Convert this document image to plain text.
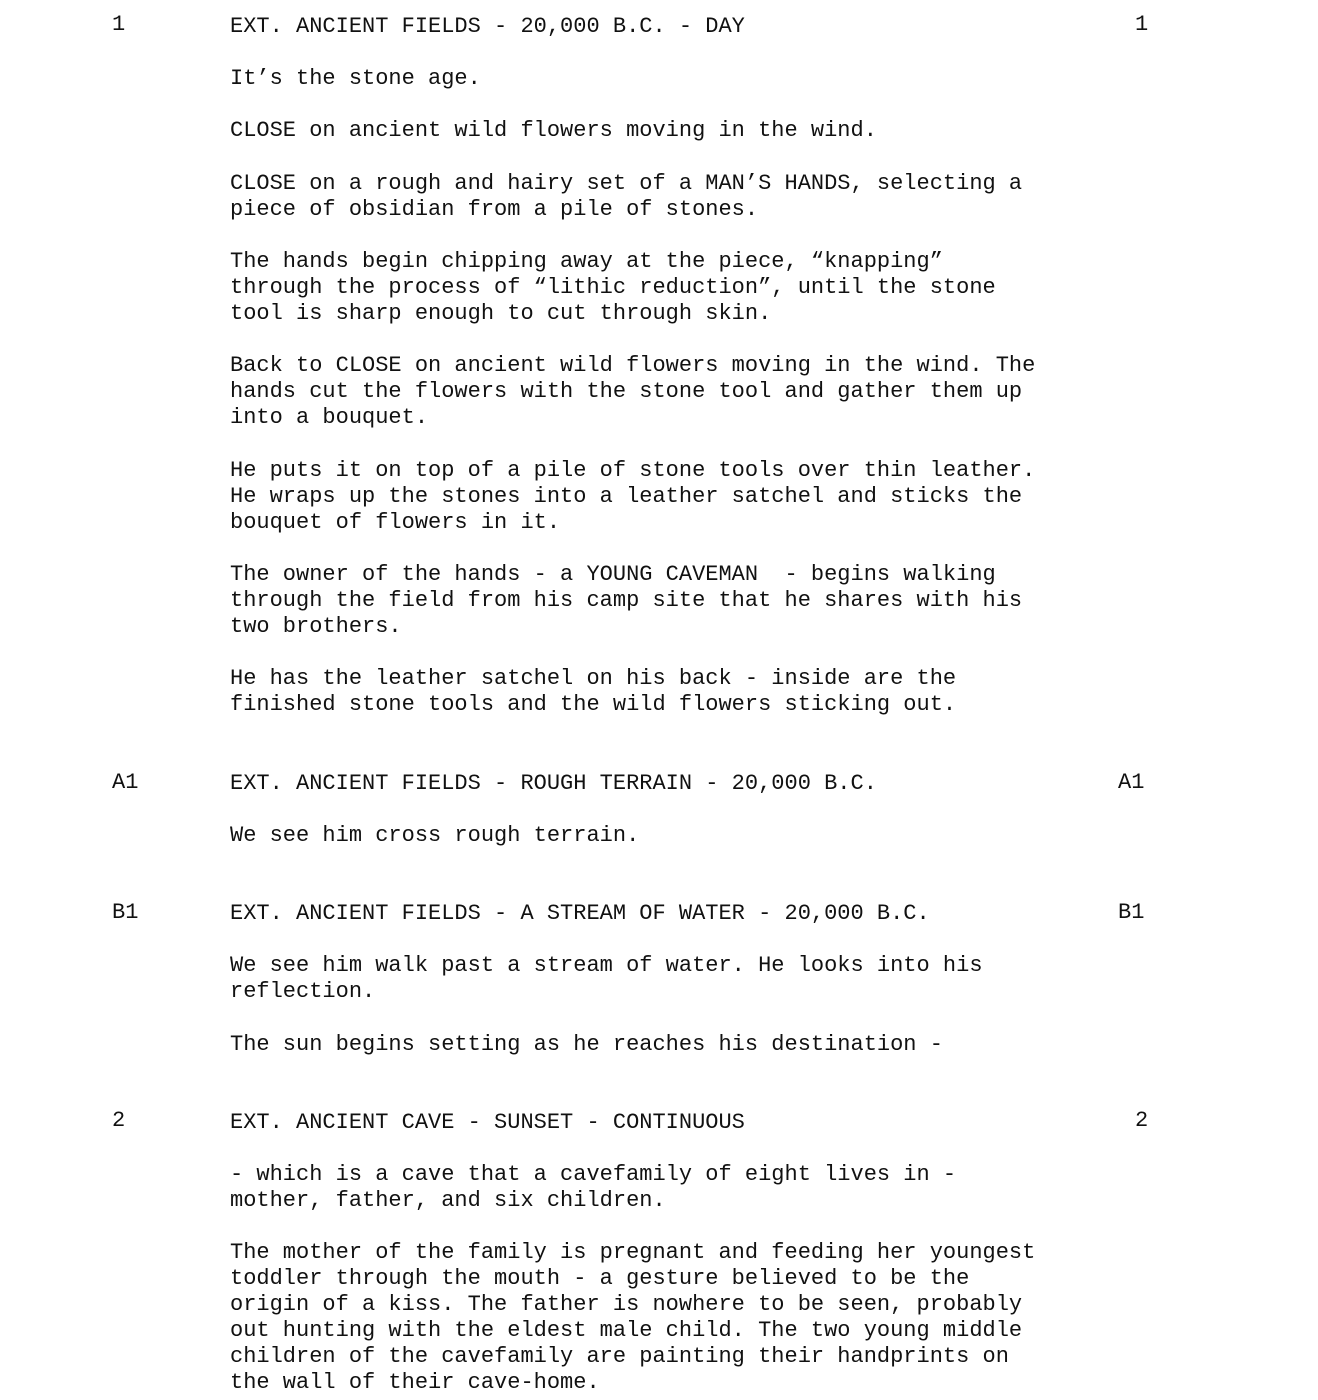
1	EXT. ANCIENT FIELDS - 20,000 B.C. - DAY	1

It’s the stone age.

CLOSE on ancient wild flowers moving in the wind.

CLOSE on a rough and hairy set of a MAN’S HANDS, selecting a
piece of obsidian from a pile of stones.

The hands begin chipping away at the piece, “knapping”
through the process of “lithic reduction”, until the stone
tool is sharp enough to cut through skin.

Back to CLOSE on ancient wild flowers moving in the wind. The
hands cut the flowers with the stone tool and gather them up
into a bouquet.

He puts it on top of a pile of stone tools over thin leather.
He wraps up the stones into a leather satchel and sticks the
bouquet of flowers in it.

The owner of the hands - a YOUNG CAVEMAN  - begins walking
through the field from his camp site that he shares with his
two brothers.

He has the leather satchel on his back - inside are the
finished stone tools and the wild flowers sticking out.

A1	EXT. ANCIENT FIELDS - ROUGH TERRAIN - 20,000 B.C.	A1

We see him cross rough terrain.

B1	EXT. ANCIENT FIELDS - A STREAM OF WATER - 20,000 B.C.	B1

We see him walk past a stream of water. He looks into his
reflection.

The sun begins setting as he reaches his destination -

2	EXT. ANCIENT CAVE - SUNSET - CONTINUOUS	2

- which is a cave that a cavefamily of eight lives in -
mother, father, and six children.

The mother of the family is pregnant and feeding her youngest
toddler through the mouth - a gesture believed to be the
origin of a kiss. The father is nowhere to be seen, probably
out hunting with the eldest male child. The two young middle
children of the cavefamily are painting their handprints on
the wall of their cave-home.
